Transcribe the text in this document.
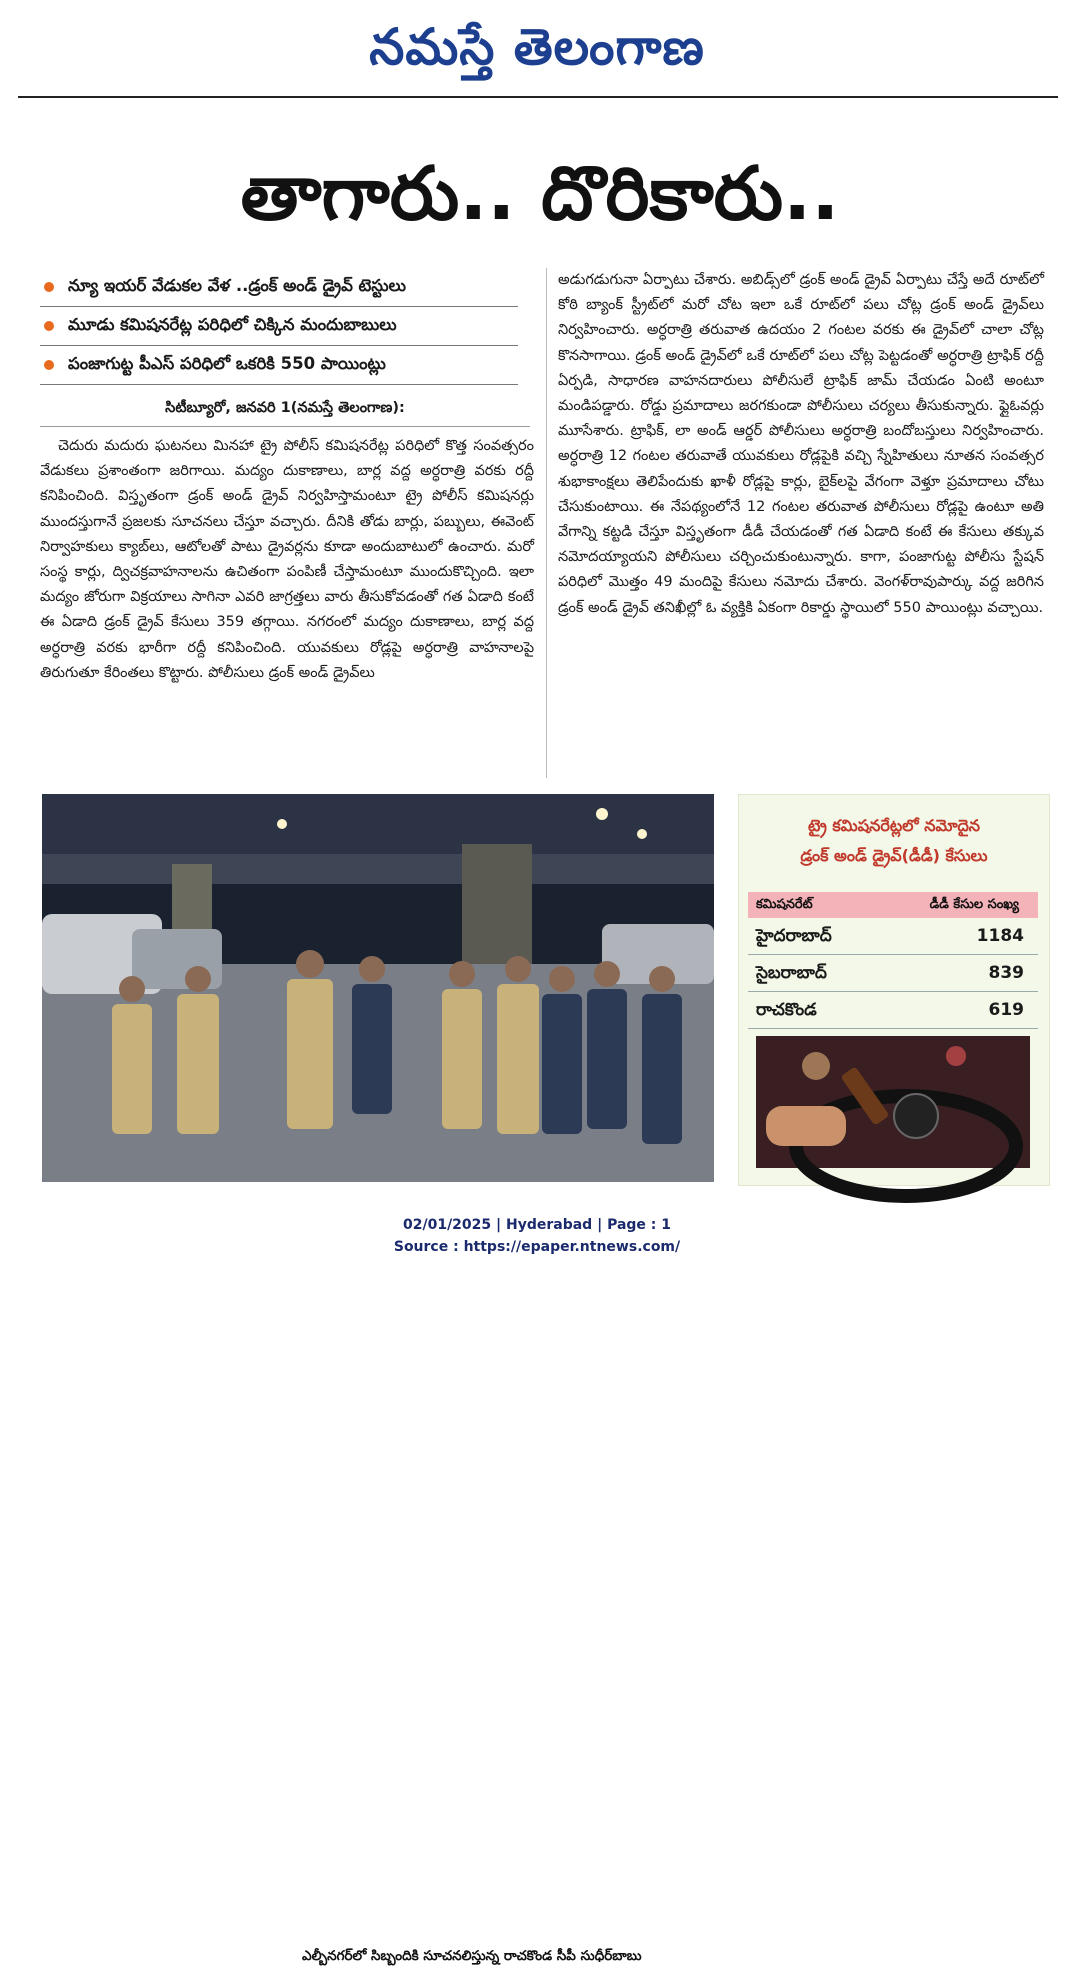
నమస్తే తెలంగాణ
తాగారు.. దొరికారు..
న్యూ ఇయర్ వేడుకల వేళ ..డ్రంక్ అండ్ డ్రైవ్ టెస్టులు
మూడు కమిషనరేట్ల పరిధిలో చిక్కిన మందుబాబులు
పంజాగుట్ట పీఎస్ పరిధిలో ఒకరికి 550 పాయింట్లు
సిటీబ్యూరో, జనవరి 1(నమస్తే తెలంగాణ):

చెదురు మదురు ఘటనలు మినహా ట్రై పోలీస్ కమిషనరేట్ల పరిధిలో కొత్త సంవత్సరం వేడుకలు ప్రశాంతంగా జరిగాయి. మద్యం దుకాణాలు, బార్ల వద్ద అర్ధరాత్రి వరకు రద్దీ కనిపించింది. విస్తృతంగా డ్రంక్ అండ్ డ్రైవ్ నిర్వహిస్తామంటూ ట్రై పోలీస్ కమిషనర్లు ముందస్తుగానే ప్రజలకు సూచనలు చేస్తూ వచ్చారు. దీనికి తోడు బార్లు, పబ్బులు, ఈవెంట్ నిర్వాహకులు క్యాబ్‌లు, ఆటోలతో పాటు డ్రైవర్లను కూడా అందుబాటులో ఉంచారు. మరో సంస్థ కార్లు, ద్విచక్రవాహనాలను ఉచితంగా పంపిణీ చేస్తామంటూ ముందుకొచ్చింది. ఇలా మద్యం జోరుగా విక్రయాలు సాగినా ఎవరి జాగ్రత్తలు వారు తీసుకోవడంతో గత ఏడాది కంటే ఈ ఏడాది డ్రంక్ డ్రైవ్ కేసులు 359 తగ్గాయి. నగరంలో మద్యం దుకాణాలు, బార్ల వద్ద అర్ధరాత్రి వరకు భారీగా రద్దీ కనిపించింది. యువకులు రోడ్లపై అర్ధరాత్రి వాహనాలపై తిరుగుతూ కేరింతలు కొట్టారు. పోలీసులు డ్రంక్ అండ్ డ్రైవ్‌లు

అడుగడుగునా ఏర్పాటు చేశారు. అబిడ్స్‌లో డ్రంక్ అండ్ డ్రైవ్ ఏర్పాటు చేస్తే అదే రూట్‌లో కోఠి బ్యాంక్ స్ట్రీట్‌లో మరో చోట ఇలా ఒకే రూట్‌లో పలు చోట్ల డ్రంక్ అండ్ డ్రైవ్‌లు నిర్వహించారు. అర్ధరాత్రి తరువాత ఉదయం 2 గంటల వరకు ఈ డ్రైవ్‌లో చాలా చోట్ల కొనసాగాయి. డ్రంక్ అండ్ డ్రైవ్‌లో ఒకే రూట్‌లో పలు చోట్ల పెట్టడంతో అర్ధరాత్రి ట్రాఫిక్ రద్దీ ఏర్పడి, సాధారణ వాహనదారులు పోలీసులే ట్రాఫిక్ జామ్ చేయడం ఏంటి అంటూ మండిపడ్డారు. రోడ్డు ప్రమాదాలు జరగకుండా పోలీసులు చర్యలు తీసుకున్నారు. ఫ్లైఓవర్లు మూసేశారు. ట్రాఫిక్, లా అండ్ ఆర్డర్ పోలీసులు అర్ధరాత్రి బందోబస్తులు నిర్వహించారు. అర్ధరాత్రి 12 గంటల తరువాతే యువకులు రోడ్లపైకి వచ్చి స్నేహితులు నూతన సంవత్సర శుభాకాంక్షలు తెలిపేందుకు ఖాళీ రోడ్లపై కార్లు, బైక్‌లపై వేగంగా వెళ్తూ ప్రమాదాలు చోటు చేసుకుంటాయి. ఈ నేపథ్యంలోనే 12 గంటల తరువాత పోలీసులు రోడ్లపై ఉంటూ అతి వేగాన్ని కట్టడి చేస్తూ విస్తృతంగా డీడీ చేయడంతో గత ఏడాది కంటే ఈ కేసులు తక్కువ నమోదయ్యాయని పోలీసులు చర్చించుకుంటున్నారు. కాగా, పంజాగుట్ట పోలీసు స్టేషన్ పరిధిలో మొత్తం 49 మందిపై కేసులు నమోదు చేశారు. వెంగళ్‌రావుపార్కు వద్ద జరిగిన డ్రంక్ అండ్ డ్రైవ్ తనిఖీల్లో ఓ వ్యక్తికి ఏకంగా రికార్డు స్థాయిలో 550 పాయింట్లు వచ్చాయి.

ఎల్బీనగర్‌లో సిబ్బందికి సూచనలిస్తున్న రాచకొండ సీపీ సుధీర్‌బాబు
ట్రై కమిషనరేట్లలో నమోదైన
డ్రంక్ అండ్ డ్రైవ్(డీడీ) కేసులు
కమిషనరేట్	డీడీ కేసుల సంఖ్య
హైదరాబాద్	1184
సైబరాబాద్	839
రాచకొండ	619
02/01/2025 | Hyderabad | Page : 1
Source : https://epaper.ntnews.com/
